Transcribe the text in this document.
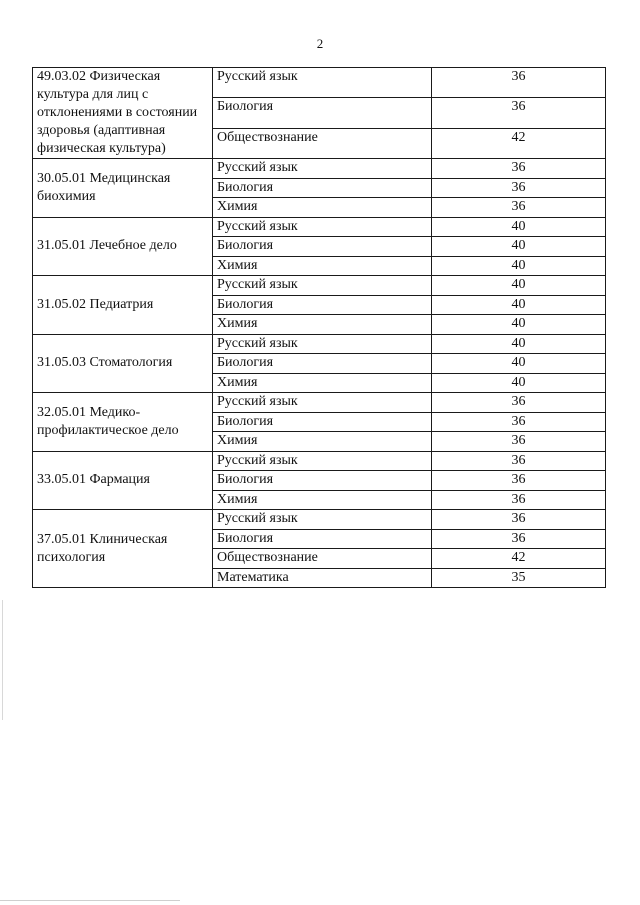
2
49.03.02 Физическая культура для лиц с отклонениями в состоянии здоровья (адаптивная физическая культура)	Русский язык	36
	Биология	36
	Обществознание	42
30.05.01 Медицинская биохимия	Русский язык	36
	Биология	36
	Химия	36
31.05.01 Лечебное дело	Русский язык	40
	Биология	40
	Химия	40
31.05.02 Педиатрия	Русский язык	40
	Биология	40
	Химия	40
31.05.03 Стоматология	Русский язык	40
	Биология	40
	Химия	40
32.05.01 Медико-профилактическое дело	Русский язык	36
	Биология	36
	Химия	36
33.05.01 Фармация	Русский язык	36
	Биология	36
	Химия	36
37.05.01 Клиническая психология	Русский язык	36
	Биология	36
	Обществознание	42
	Математика	35
